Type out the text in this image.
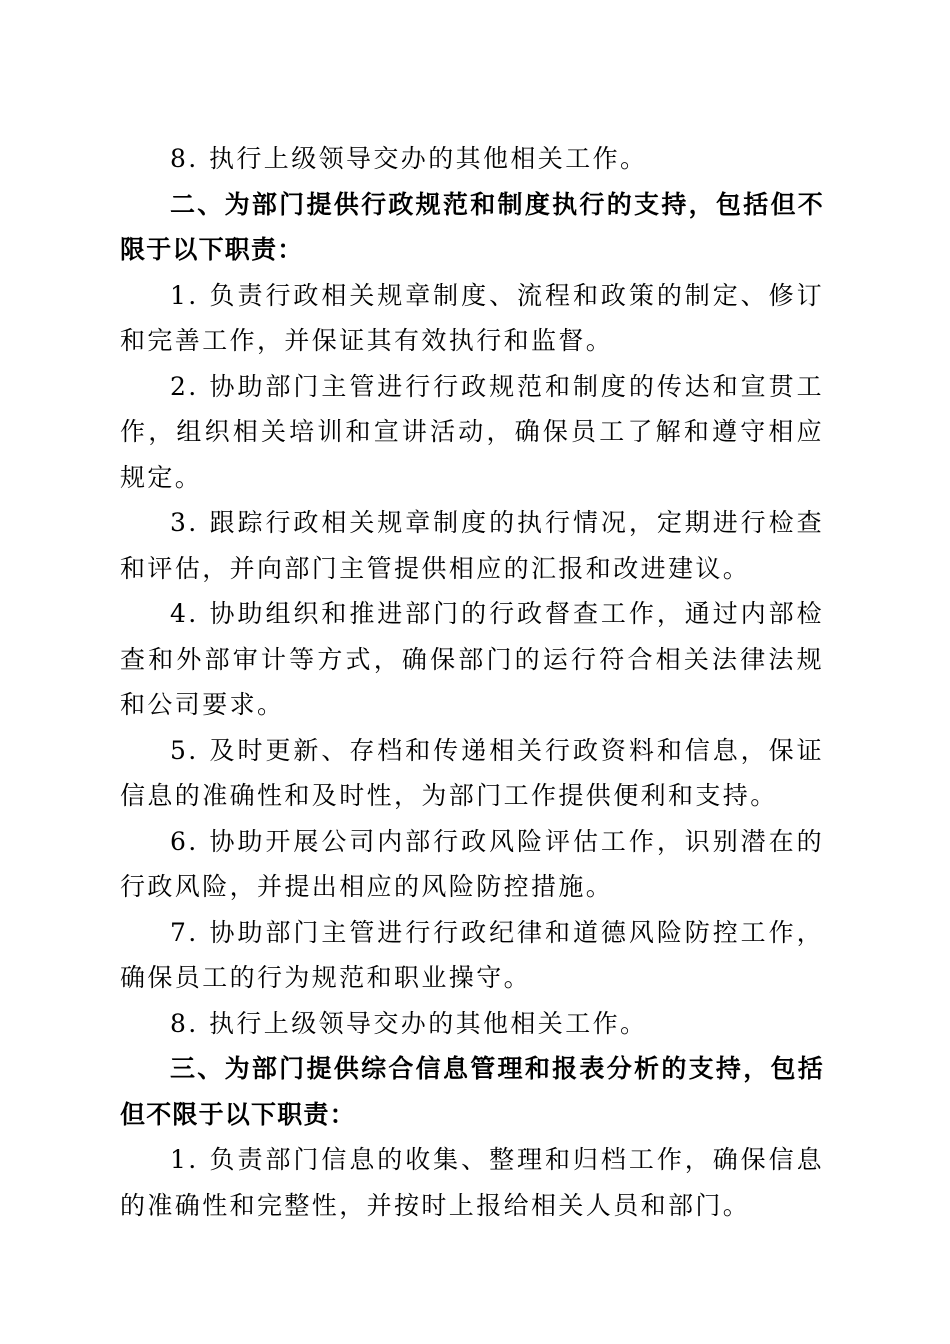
8. 执行上级领导交办的其他相关工作。

二、为部门提供行政规范和制度执行的支持，包括但不限于以下职责：

1. 负责行政相关规章制度、流程和政策的制定、修订和完善工作，并保证其有效执行和监督。

2. 协助部门主管进行行政规范和制度的传达和宣贯工作，组织相关培训和宣讲活动，确保员工了解和遵守相应规定。

3. 跟踪行政相关规章制度的执行情况，定期进行检查和评估，并向部门主管提供相应的汇报和改进建议。

4. 协助组织和推进部门的行政督查工作，通过内部检查和外部审计等方式，确保部门的运行符合相关法律法规和公司要求。

5. 及时更新、存档和传递相关行政资料和信息，保证信息的准确性和及时性，为部门工作提供便利和支持。

6. 协助开展公司内部行政风险评估工作，识别潜在的行政风险，并提出相应的风险防控措施。

7. 协助部门主管进行行政纪律和道德风险防控工作，确保员工的行为规范和职业操守。

8. 执行上级领导交办的其他相关工作。

三、为部门提供综合信息管理和报表分析的支持，包括但不限于以下职责：

1. 负责部门信息的收集、整理和归档工作，确保信息的准确性和完整性，并按时上报给相关人员和部门。
